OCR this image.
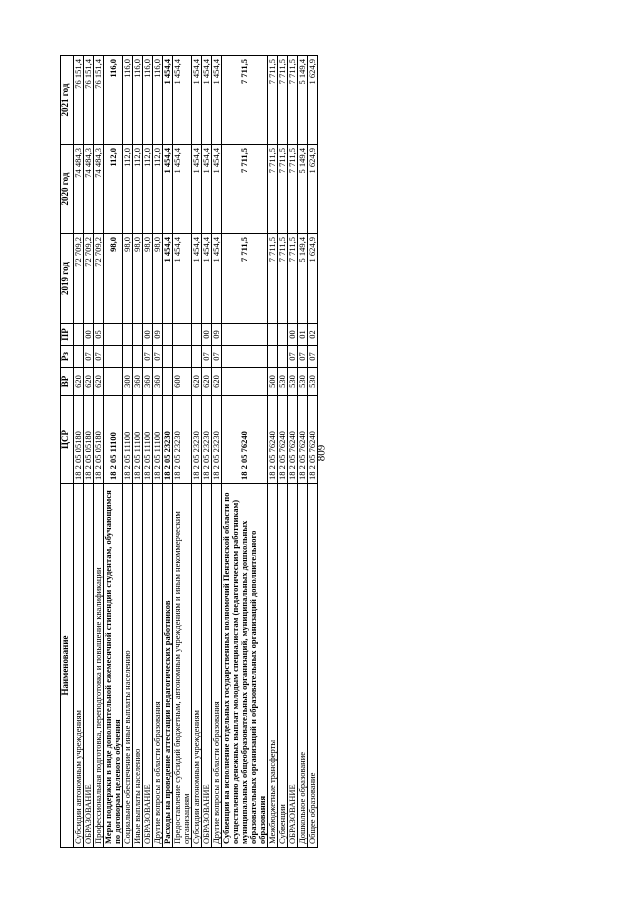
809
Наименование	ЦСР	ВР	Рз	ПР	2019 год	2020 год	2021 год
Субсидии автономным учреждениям	18 2 05 05180	620			72 709,2	74 484,3	76 151,4
ОБРАЗОВАНИЕ	18 2 05 05180	620	07	00	72 709,2	74 484,3	76 151,4
Профессиональная подготовка, переподготовка и повышение квалификации	18 2 05 05180	620	07	05	72 709,2	74 484,3	76 151,4
Меры поддержки в виде дополнительной ежемесячной стипендии студентам, обучающимся по договорам целевого обучения	18 2 05 11100				98,0	112,0	116,0
Социальное обеспечение и иные выплаты населению	18 2 05 11100	300			98,0	112,0	116,0
Иные выплаты населению	18 2 05 11100	360			98,0	112,0	116,0
ОБРАЗОВАНИЕ	18 2 05 11100	360	07	00	98,0	112,0	116,0
Другие вопросы в области образования	18 2 05 11100	360	07	09	98,0	112,0	116,0
Расходы на проведение аттестации педагогических работников	18 2 05 23230				1 454,4	1 454,4	1 454,4
Предоставление субсидий бюджетным, автономным учреждениям и иным некоммерческим организациям	18 2 05 23230	600			1 454,4	1 454,4	1 454,4
Субсидии автономным учреждениям	18 2 05 23230	620			1 454,4	1 454,4	1 454,4
ОБРАЗОВАНИЕ	18 2 05 23230	620	07	00	1 454,4	1 454,4	1 454,4
Другие вопросы в области образования	18 2 05 23230	620	07	09	1 454,4	1 454,4	1 454,4
Субвенции на исполнение отдельных государственных полномочий Пензенской области по осуществлению денежных выплат молодым специалистам (педагогическим работникам) муниципальных общеобразовательных организаций, муниципальных дошкольных образовательных организаций и образовательных организаций дополнительного образования	18 2 05 76240				7 711,5	7 711,5	7 711,5
Межбюджетные трансферты	18 2 05 76240	500			7 711,5	7 711,5	7 711,5
Субвенции	18 2 05 76240	530			7 711,5	7 711,5	7 711,5
ОБРАЗОВАНИЕ	18 2 05 76240	530	07	00	7 711,5	7 711,5	7 711,5
Дошкольное образование	18 2 05 76240	530	07	01	5 149,4	5 149,4	5 149,4
Общее образование	18 2 05 76240	530	07	02	1 624,9	1 624,9	1 624,9
